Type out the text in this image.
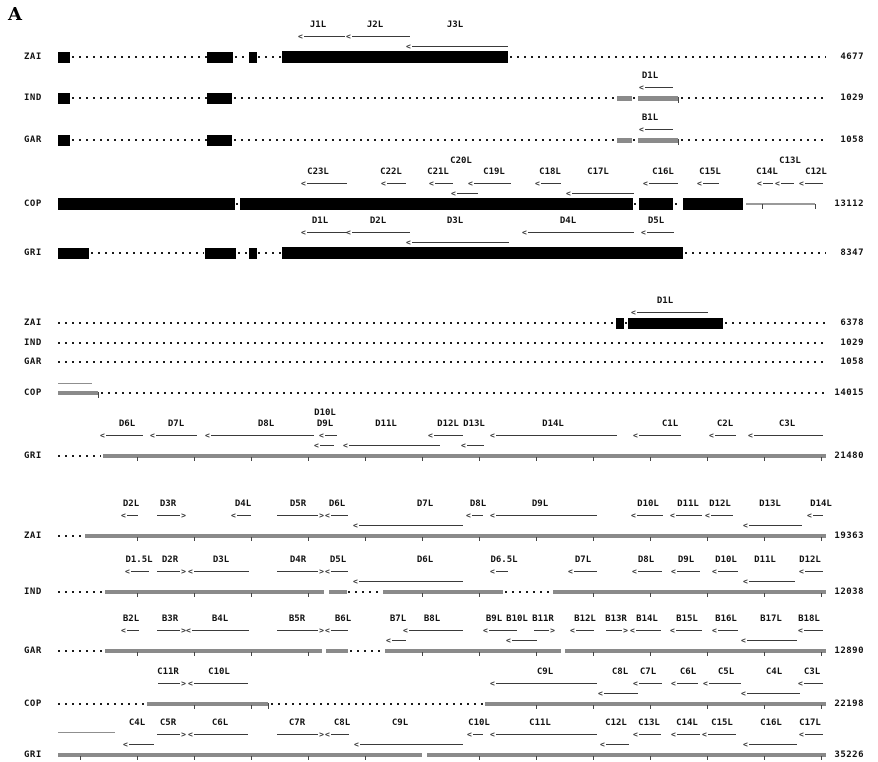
A
ZAI	4677
J1L
<
J2L
<
J3L
<
IND	1029
D1L
<
GAR	1058
B1L
<
COP	13112
C23L
<
C22L
<
C21L
<
C20L
<
C19L
<
C18L
<
C17L
<
C16L
<
C15L
<
C14L
<
C13L
<
C12L
<
GRI	8347
D1L
<
D2L
<
D3L
<
D4L
<
D5L
<
ZAI	6378
D1L
<
IND	1029
GAR	1058
COP	14015
GRI	21480
D6L
<
D7L
<
D8L
<
D9L
<
D10L
<
D11L
<
D12L
<
D13L
<
D14L
<
C1L
<
C2L
<
C3L
<
ZAI	19363
D2L
<
D3R
>
D4L
<
D5R
>
D6L
<
D7L
<
D8L
<
D9L
<
D10L
<
D11L
<
D12L
<
D13L
<
D14L
<
IND	12038
D1.5L
<
D2R
>
D3L
<
D4R
>
D5L
<
D6L
<
D6.5L
<
D7L
<
D8L
<
D9L
<
D10L
<
D11L
<
D12L
<
GAR	12890
B2L
<
B3R
>
B4L
<
B5R
>
B6L
<
B7L
<
B8L
<
B9L
<
B10L
<
B11R
>
B12L
<
B13R
>
B14L
<
B15L
<
B16L
<
B17L
<
B18L
<
COP	22198
C11R
>
C10L
<
C9L
<
C8L
<
C7L
<
C6L
<
C5L
<
C4L
<
C3L
<
GRI	35226
C4L
<
C5R
>
C6L
<
C7R
>
C8L
<
C9L
<
C10L
<
C11L
<
C12L
<
C13L
<
C14L
<
C15L
<
C16L
<
C17L
<
